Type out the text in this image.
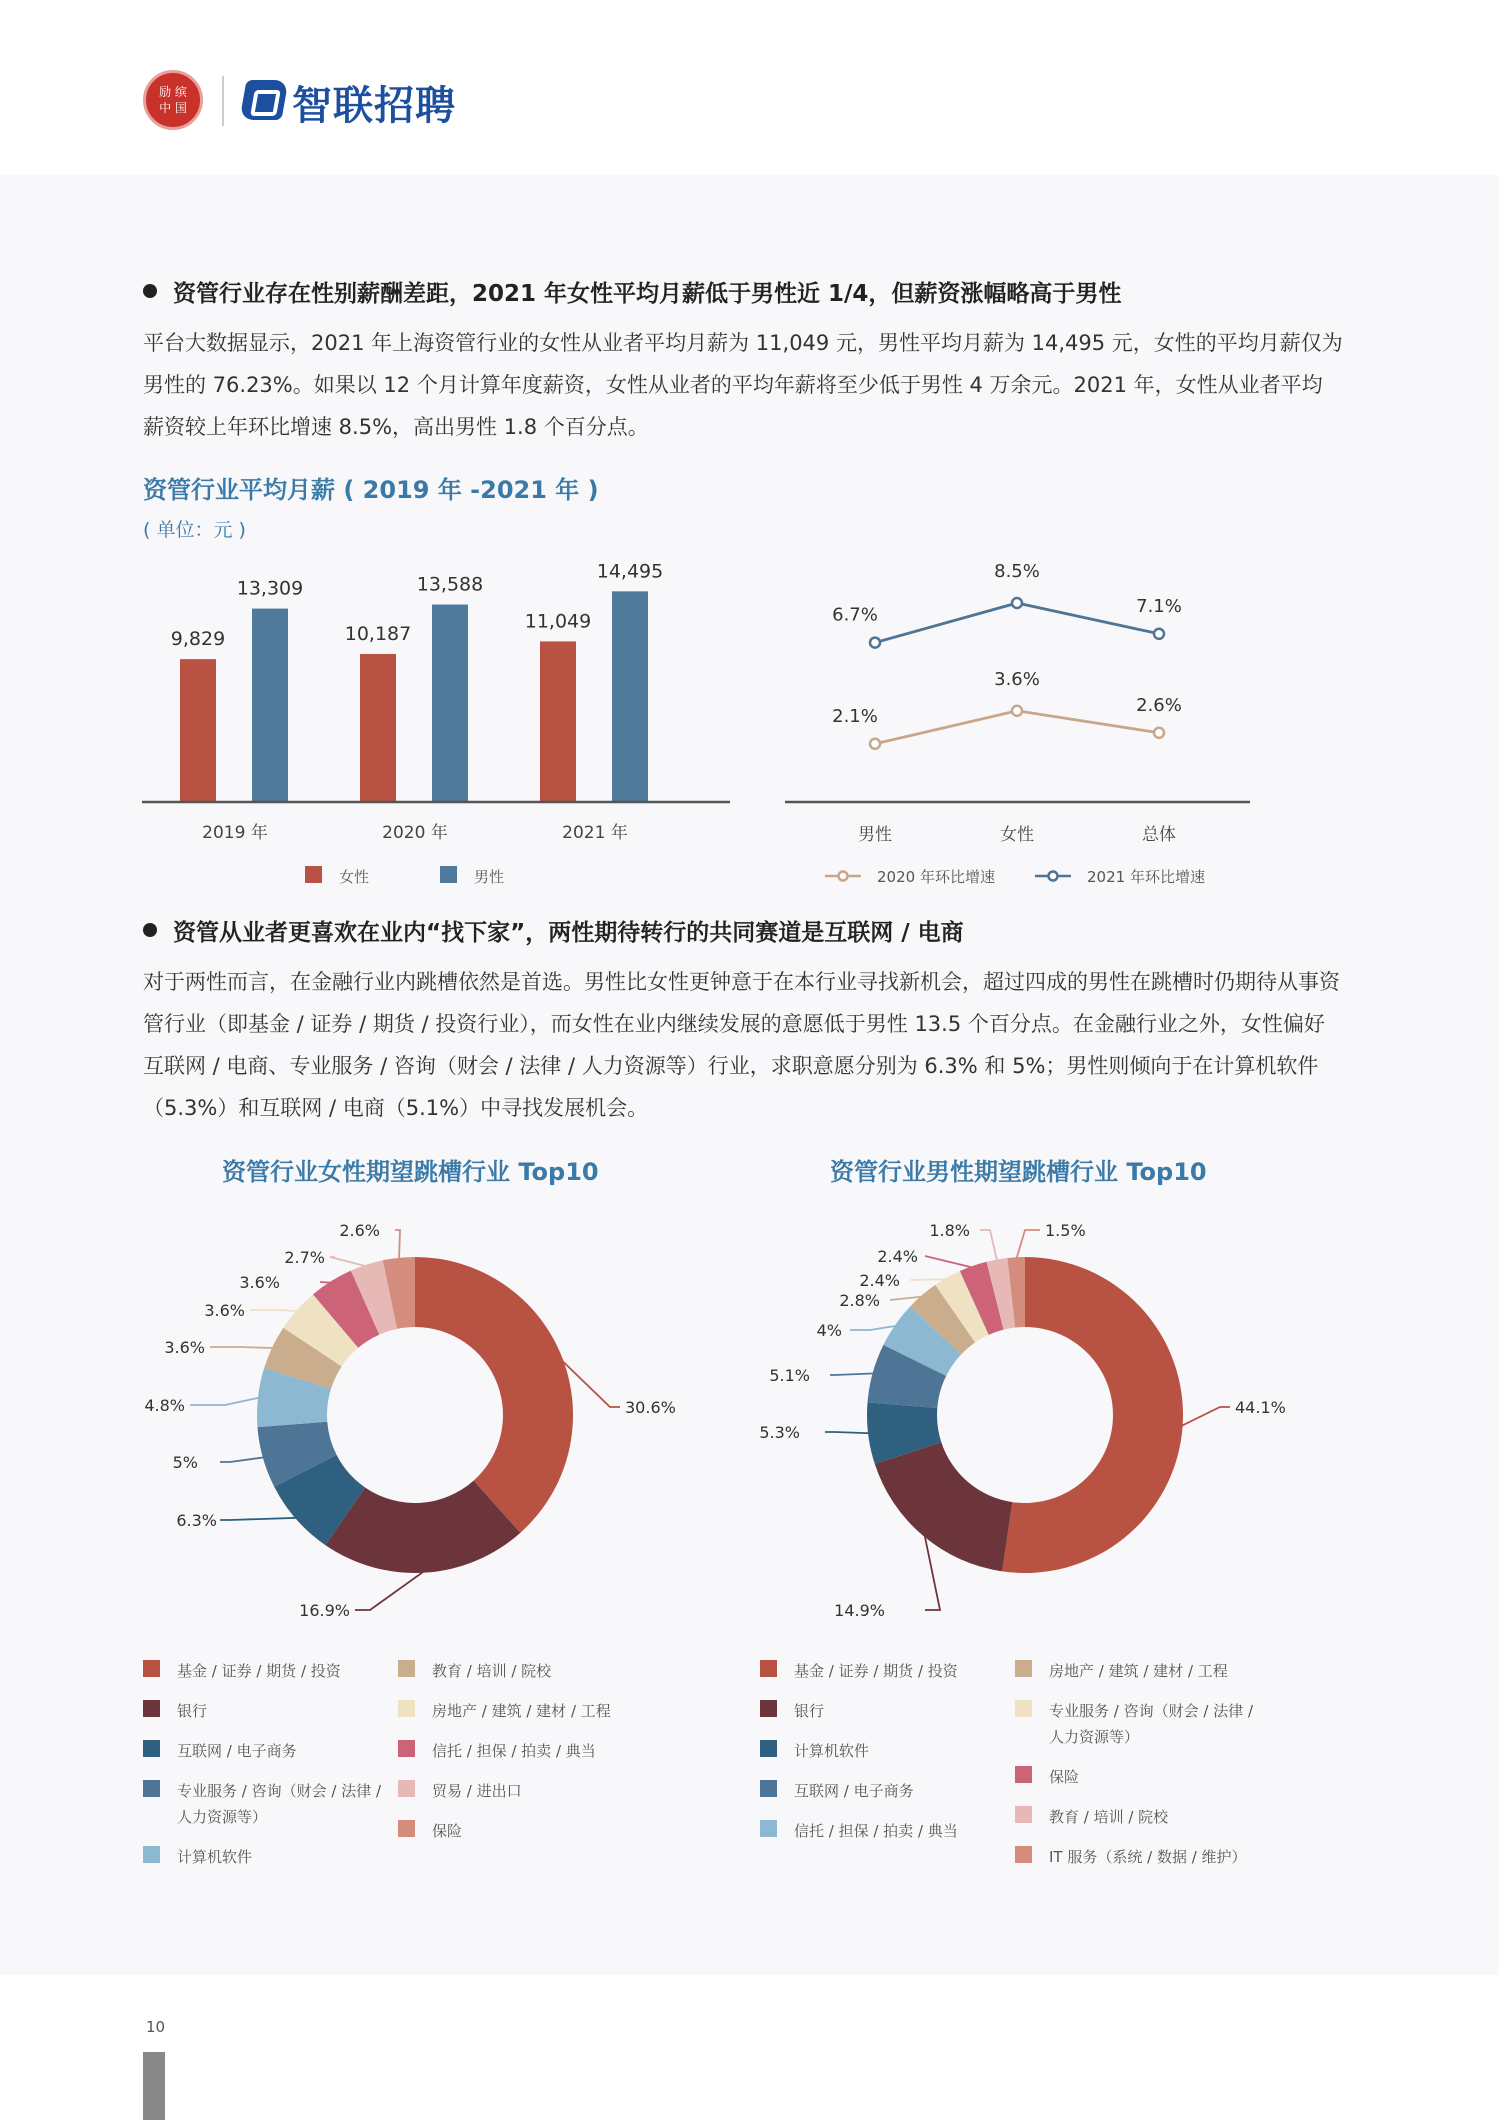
励 缤 中 国	智联招聘
资管行业存在性别薪酬差距，2021 年女性平均月薪低于男性近 1/4，但薪资涨幅略高于男性

平台大数据显示，2021 年上海资管行业的女性从业者平均月薪为 11,049 元，男性平均月薪为 14,495 元，女性的平均月薪仅为男性的 76.23%。如果以 12 个月计算年度薪资，女性从业者的平均年薪将至少低于男性 4 万余元。2021 年，女性从业者平均薪资较上年环比增速 8.5%，高出男性 1.8 个百分点。

资管行业平均月薪 ( 2019 年 -2021 年 )
( 单位：元 )
9,829
13,309
2019 年
10,187
13,588
2020 年
11,049
14,495
2021 年
2.1%
3.6%
2.6%
6.7%
8.5%
7.1%
男性	女性	总体
女性	男性	2020 年环比增速	2021 年环比增速
资管从业者更喜欢在业内“找下家”，两性期待转行的共同赛道是互联网 / 电商

对于两性而言，在金融行业内跳槽依然是首选。男性比女性更钟意于在本行业寻找新机会，超过四成的男性在跳槽时仍期待从事资管行业（即基金 / 证券 / 期货 / 投资行业），而女性在业内继续发展的意愿低于男性 13.5 个百分点。在金融行业之外，女性偏好互联网 / 电商、专业服务 / 咨询（财会 / 法律 / 人力资源等）行业，求职意愿分别为 6.3% 和 5%；男性则倾向于在计算机软件（5.3%）和互联网 / 电商（5.1%）中寻找发展机会。

资管行业女性期望跳槽行业 Top10	资管行业男性期望跳槽行业 Top10
30.6%
16.9%
6.3%
5%
4.8%
3.6%
3.6%
3.6%
2.7%
2.6%
44.1%
14.9%
5.3%
5.1%
4%
2.8%
2.4%
2.4%
1.8%	1.5%
基金 / 证券 / 期货 / 投资
银行
互联网 / 电子商务
专业服务 / 咨询（财会 / 法律 / 人力资源等）
计算机软件
教育 / 培训 / 院校
房地产 / 建筑 / 建材 / 工程
信托 / 担保 / 拍卖 / 典当
贸易 / 进出口
保险
基金 / 证券 / 期货 / 投资
银行
计算机软件
互联网 / 电子商务
信托 / 担保 / 拍卖 / 典当
房地产 / 建筑 / 建材 / 工程
专业服务 / 咨询（财会 / 法律 / 人力资源等）
保险
教育 / 培训 / 院校
IT 服务（系统 / 数据 / 维护）
10
